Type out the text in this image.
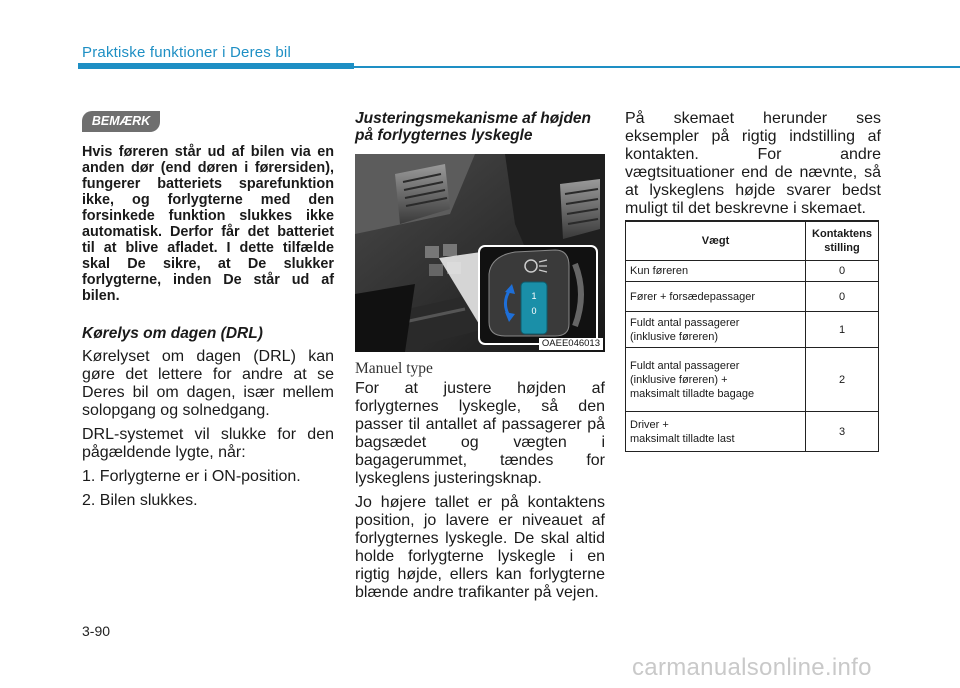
Praktiske funktioner i Deres bil
BEMÆRK
Hvis føreren står ud af bilen via en anden dør (end døren i førersiden), fungerer batteriets sparefunktion ikke, og forlygterne med den forsinkede funktion slukkes ikke automatisk. Derfor får det batteriet til at blive afladet. I dette tilfælde skal De sikre, at De slukker forlygterne, inden De står ud af bilen.
Kørelys om dagen (DRL)

Kørelyset om dagen (DRL) kan gøre det lettere for andre at se Deres bil om dagen, især mellem solopgang og solnedgang.

DRL-systemet vil slukke for den pågældende lygte, når:

1. Forlygterne er i ON-position.

2. Bilen slukkes.

Justeringsmekanisme af højden på forlygternes lyskegle
1
0
OAEE046013
Manuel type

For at justere højden af forlygternes lyskegle, så den passer til antallet af passagerer på bagsædet og vægten i bagagerummet, tændes for lyskeglens justeringsknap.

Jo højere tallet er på kontaktens position, jo lavere er niveauet af forlygternes lyskegle. De skal altid holde forlygterne lyskegle i en rigtig højde, ellers kan forlygterne blænde andre trafikanter på vejen.

På skemaet herunder ses eksempler på rigtig indstilling af kontakten. For andre vægtsituationer end de nævnte, så at lyskeglens højde svarer bedst muligt til det beskrevne i skemaet.
Vægt	Kontaktens stilling
Kun føreren	0
Fører + forsædepassager	0
Fuldt antal passagerer
(inklusive føreren)	1
Fuldt antal passagerer
(inklusive føreren) +
maksimalt tilladte bagage	2
Driver +
maksimalt tilladte last	3
3-90
carmanualsonline.info
